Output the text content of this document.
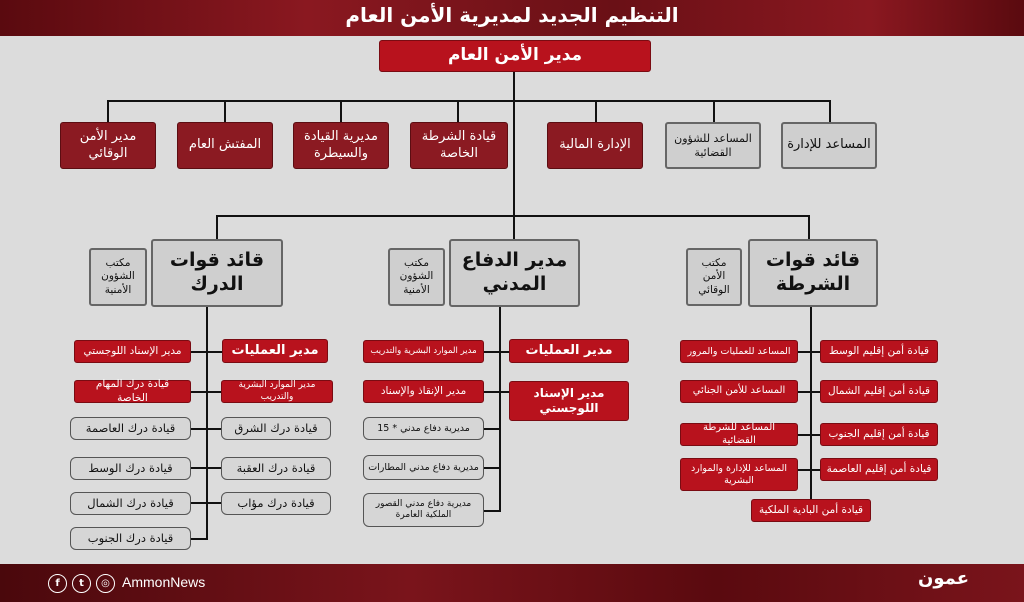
التنظيم الجديد لمديرية الأمن العام
مدير الأمن العام
مدير الأمن الوقائي
المفتش العام
مديرية القيادة والسيطرة
قيادة الشرطة الخاصة
الإدارة المالية	المساعد للشؤون القضائية	المساعد للإدارة
قائد قوات الدرك
مكتب الشؤون الأمنية
مدير العمليات
مدير الإسناد اللوجستي
قيادة درك المهام الخاصة
قيادة درك العاصمة
قيادة درك الوسط
قيادة درك الشمال
قيادة درك الجنوب
مدير الموارد البشرية والتدريب
قيادة درك الشرق
قيادة درك العقبة
قيادة درك مؤاب
مدير الدفاع المدني
مكتب الشؤون الأمنية
مدير العمليات
مدير الإسناد اللوجستي
مدير الموارد البشرية والتدريب
مدير الإنقاذ والإسناد
مديرية دفاع مدني * 15
مديرية دفاع مدني المطارات
مديرية دفاع مدني القصور الملكية العامرة
قائد قوات الشرطة
مكتب الأمن الوقائي
المساعد للعمليات والمرور
المساعد للأمن الجنائي
المساعد للشرطة القضائية
المساعد للإدارة والموارد البشرية
قيادة أمن إقليم الوسط
قيادة أمن إقليم الشمال
قيادة أمن إقليم الجنوب
قيادة أمن إقليم العاصمة
قيادة أمن البادية الملكية
f	t	◎ AmmonNews	عمون
